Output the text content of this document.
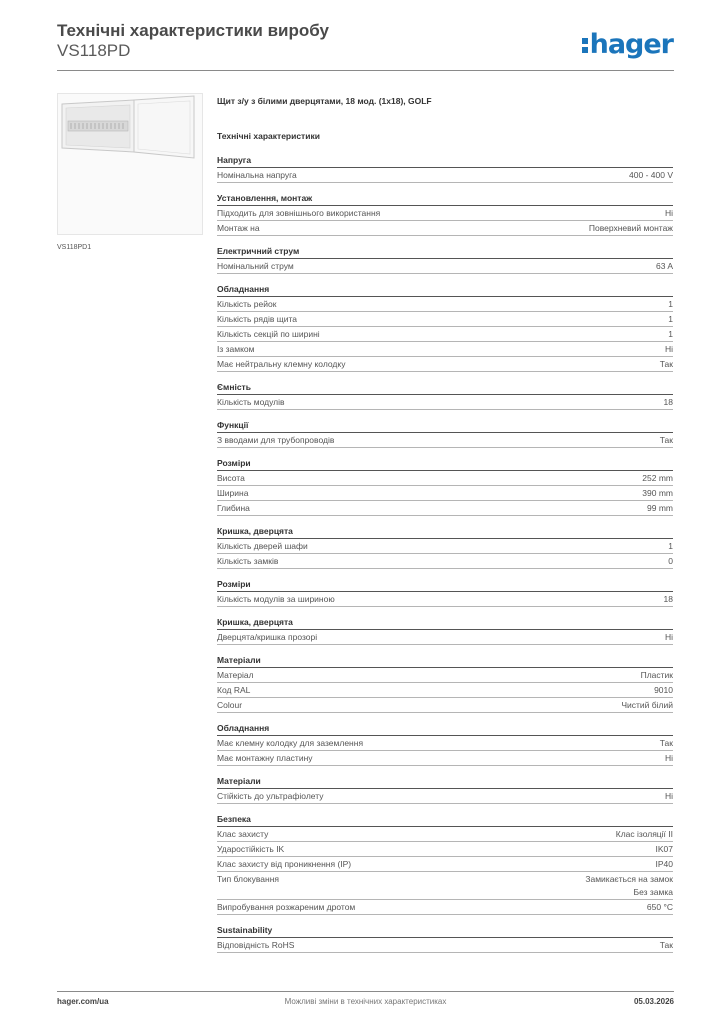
Технічні характеристики виробу
VS118PD	hager
VS118PD1
Щит з/у з білими дверцятами, 18 мод. (1х18), GOLF
Технічні характеристики
Напруга
Номінальна напруга	400 - 400 V
Установлення, монтаж
Підходить для зовнішнього використання	Ні
Монтаж на	Поверхневий монтаж
Електричний струм
Номінальний струм	63 A
Обладнання
Кількість рейок	1
Кількість рядів щита	1
Кількість секцій по ширині	1
Із замком	Ні
Має нейтральну клемну колодку	Так
Ємність
Кількість модулів	18
Функції
З вводами для трубопроводів	Так
Розміри
Висота	252 mm
Ширина	390 mm
Глибина	99 mm
Кришка, дверцята
Кількість дверей шафи	1
Кількість замків	0
Розміри
Кількість модулів за шириною	18
Кришка, дверцята
Дверцята/кришка прозорі	Ні
Матеріали
Матеріал	Пластик
Код RAL	9010
Colour	Чистий білий
Обладнання
Має клемну колодку для заземлення	Так
Має монтажну пластину	Ні
Матеріали
Стійкість до ультрафіолету	Ні
Безпека
Клас захисту	Клас ізоляції II
Ударостійкість IK	IK07
Клас захисту від проникнення (IP)	IP40
Тип блокування	Замикається на замок
Без замка
Випробування розжареним дротом	650 °C
Sustainability
Відповідність RoHS	Так
hager.com/ua	Можливі зміни в технічних характеристиках	05.03.2026
